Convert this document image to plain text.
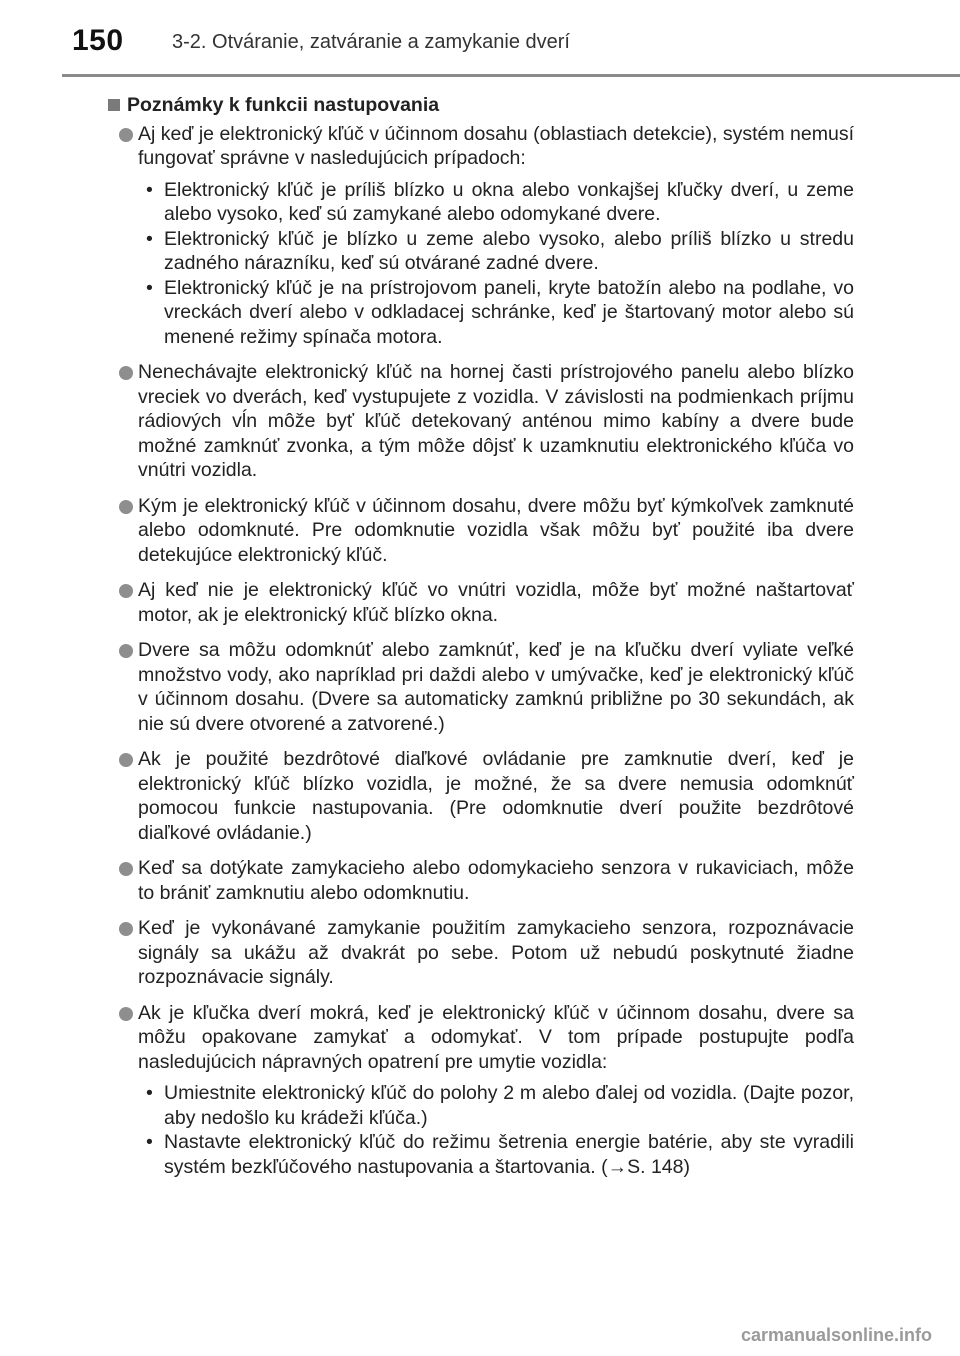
150 3-2. Otváranie, zatváranie a zamykanie dverí
Poznámky k funkcii nastupovania
Aj keď je elektronický kľúč v účinnom dosahu (oblastiach detekcie), systém nemusí fungovať správne v nasledujúcich prípadoch:
• Elektronický kľúč je príliš blízko u okna alebo vonkajšej kľučky dverí, u zeme alebo vysoko, keď sú zamykané alebo odomykané dvere.
• Elektronický kľúč je blízko u zeme alebo vysoko, alebo príliš blízko u stredu zadného nárazníku, keď sú otvárané zadné dvere.
• Elektronický kľúč je na prístrojovom paneli, kryte batožín alebo na podlahe, vo vreckách dverí alebo v odkladacej schránke, keď je štartovaný motor alebo sú menené režimy spínača motora.
Nenechávajte elektronický kľúč na hornej časti prístrojového panelu alebo blízko vreciek vo dverách, keď vystupujete z vozidla. V závislosti na podmienkach príjmu rádiových vĺn môže byť kľúč detekovaný anténou mimo kabíny a dvere bude možné zamknúť zvonka, a tým môže dôjsť k uzamknutiu elektronického kľúča vo vnútri vozidla.
Kým je elektronický kľúč v účinnom dosahu, dvere môžu byť kýmkoľvek zamknuté alebo odomknuté. Pre odomknutie vozidla však môžu byť použité iba dvere detekujúce elektronický kľúč.
Aj keď nie je elektronický kľúč vo vnútri vozidla, môže byť možné naštartovať motor, ak je elektronický kľúč blízko okna.
Dvere sa môžu odomknúť alebo zamknúť, keď je na kľučku dverí vyliate veľké množstvo vody, ako napríklad pri daždi alebo v umývačke, keď je elektronický kľúč v účinnom dosahu. (Dvere sa automaticky zamknú približne po 30 sekundách, ak nie sú dvere otvorené a zatvorené.)
Ak je použité bezdrôtové diaľkové ovládanie pre zamknutie dverí, keď je elektronický kľúč blízko vozidla, je možné, že sa dvere nemusia odomknúť pomocou funkcie nastupovania. (Pre odomknutie dverí použite bezdrôtové diaľkové ovládanie.)
Keď sa dotýkate zamykacieho alebo odomykacieho senzora v rukaviciach, môže to brániť zamknutiu alebo odomknutiu.
Keď je vykonávané zamykanie použitím zamykacieho senzora, rozpoznávacie signály sa ukážu až dvakrát po sebe. Potom už nebudú poskytnuté žiadne rozpoznávacie signály.
Ak je kľučka dverí mokrá, keď je elektronický kľúč v účinnom dosahu, dvere sa môžu opakovane zamykať a odomykať. V tom prípade postupujte podľa nasledujúcich nápravných opatrení pre umytie vozidla:
• Umiestnite elektronický kľúč do polohy 2 m alebo ďalej od vozidla. (Dajte pozor, aby nedošlo ku krádeži kľúča.)
• Nastavte elektronický kľúč do režimu šetrenia energie batérie, aby ste vyradili systém bezkľúčového nastupovania a štartovania. (→S. 148)
carmanualsonline.info
